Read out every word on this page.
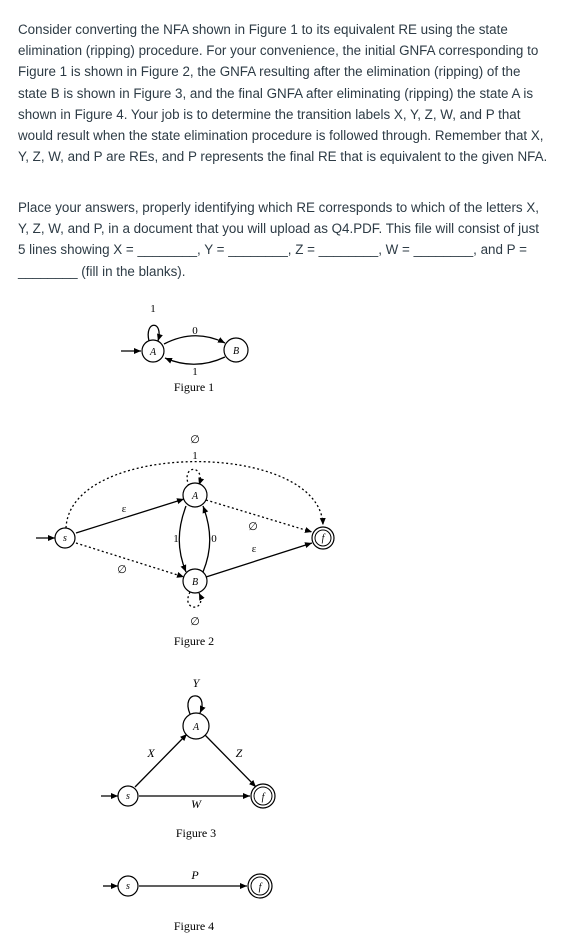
Consider converting the NFA shown in Figure 1 to its equivalent RE using the state elimination (ripping) procedure. For your convenience, the initial GNFA corresponding to Figure 1 is shown in Figure 2, the GNFA resulting after the elimination (ripping) of the state B is shown in Figure 3, and the final GNFA after eliminating (ripping) the state A is shown in Figure 4. Your job is to determine the transition labels X, Y, Z, W, and P that would result when the state elimination procedure is followed through. Remember that X, Y, Z, W, and P are REs, and P represents the final RE that is equivalent to the given NFA.
Place your answers, properly identifying which RE corresponds to which of the letters X, Y, Z, W, and P, in a document that you will upload as Q4.PDF. This file will consist of just 5 lines showing X = ________, Y = ________, Z = ________, W = ________, and P = ________ (fill in the blanks).
A	B
1
0
1
Figure 1
s
A
B
f
∅
1
ε
∅
1	0
∅
ε
∅
Figure 2
s
A
f
Y
X	Z
W
Figure 3
s	f
P
Figure 4
